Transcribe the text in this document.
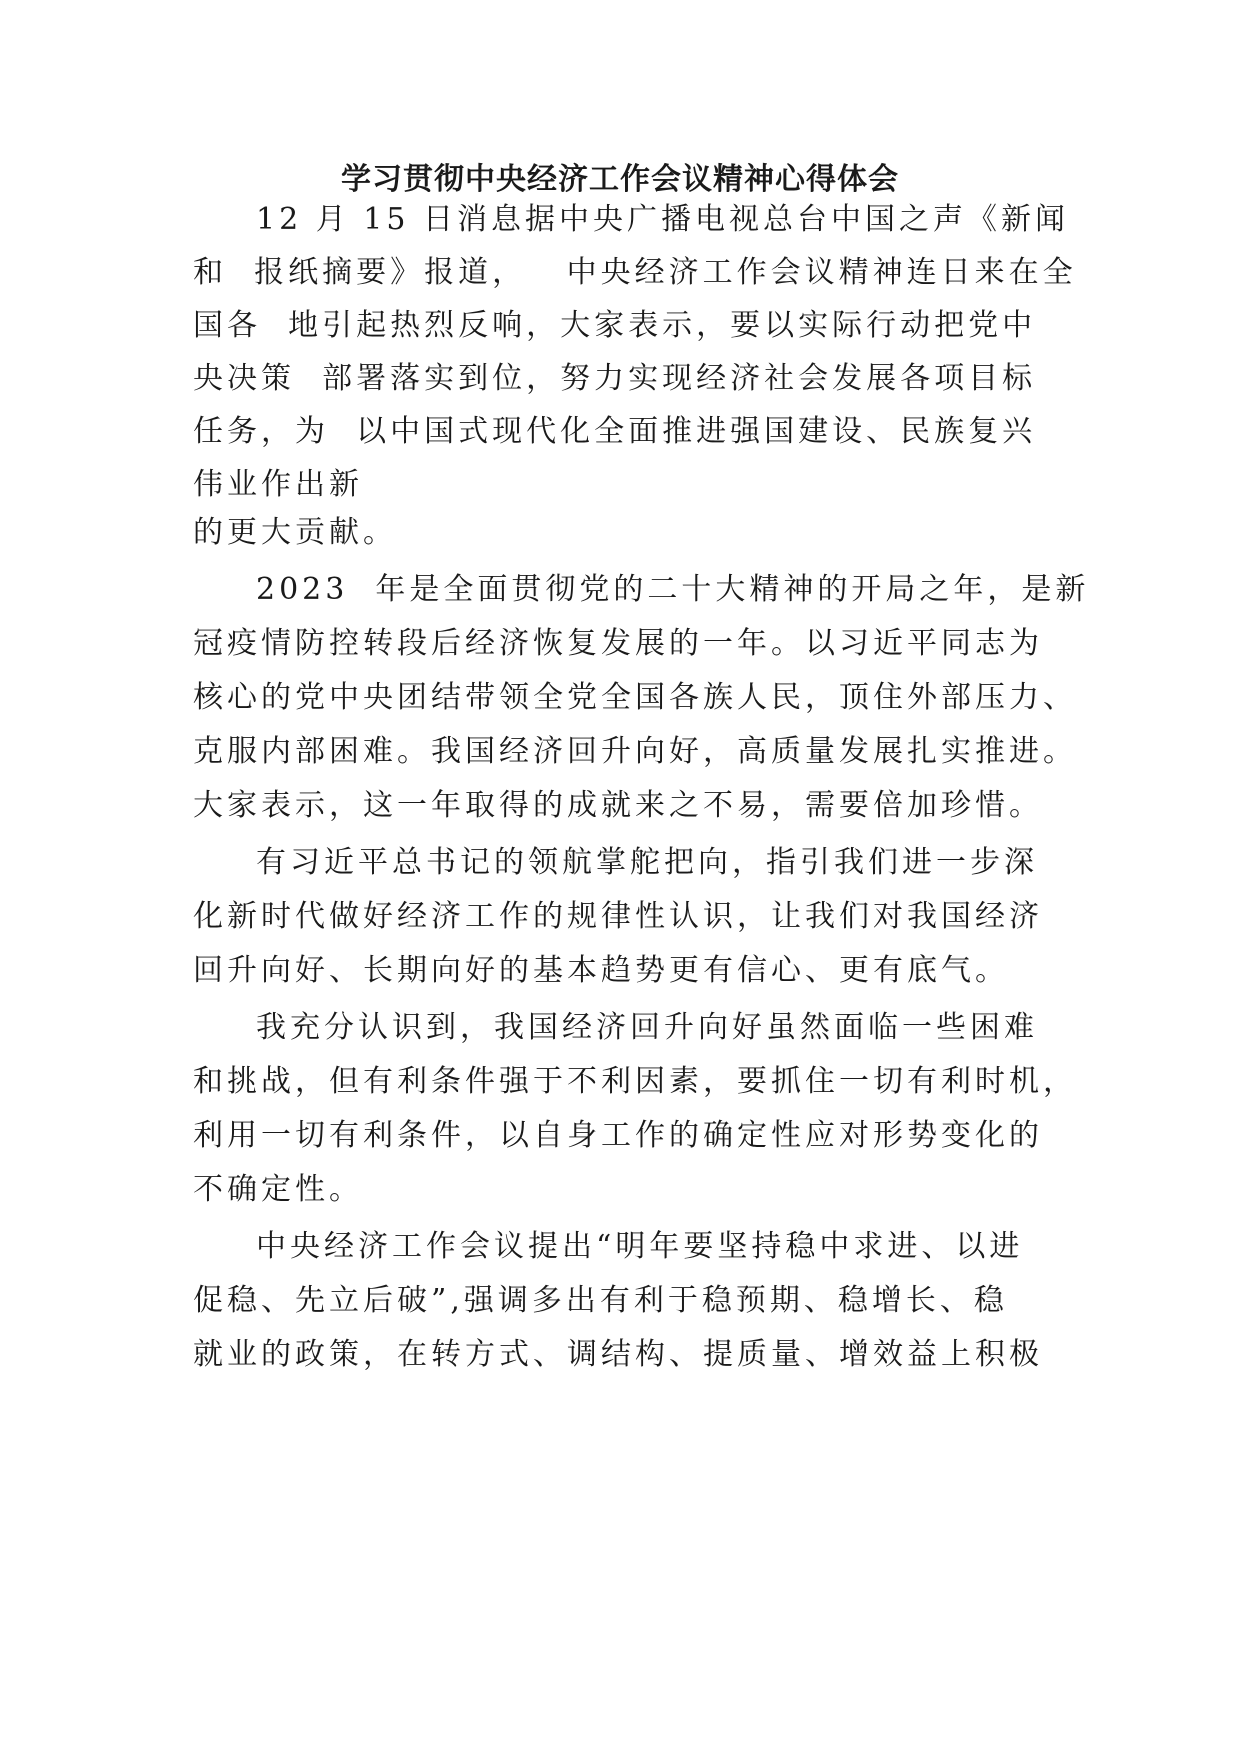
学习贯彻中央经济工作会议精神心得体会
12 月 15 日消息据中央广播电视总台中国之声《新闻
和  报纸摘要》报道，   中央经济工作会议精神连日来在全
国各  地引起热烈反响，大家表示，要以实际行动把党中
央决策  部署落实到位，努力实现经济社会发展各项目标
任务，为  以中国式现代化全面推进强国建设、民族复兴
伟业作出新
的更大贡献。
2023  年是全面贯彻党的二十大精神的开局之年，是新
冠疫情防控转段后经济恢复发展的一年。以习近平同志为
核心的党中央团结带领全党全国各族人民，顶住外部压力、
克服内部困难。我国经济回升向好，高质量发展扎实推进。
大家表示，这一年取得的成就来之不易，需要倍加珍惜。
有习近平总书记的领航掌舵把向，指引我们进一步深
化新时代做好经济工作的规律性认识，让我们对我国经济
回升向好、长期向好的基本趋势更有信心、更有底气。
我充分认识到，我国经济回升向好虽然面临一些困难
和挑战，但有利条件强于不利因素，要抓住一切有利时机，
利用一切有利条件，以自身工作的确定性应对形势变化的
不确定性。
中央经济工作会议提出“明年要坚持稳中求进、以进
促稳、先立后破”,强调多出有利于稳预期、稳增长、稳
就业的政策，在转方式、调结构、提质量、增效益上积极
